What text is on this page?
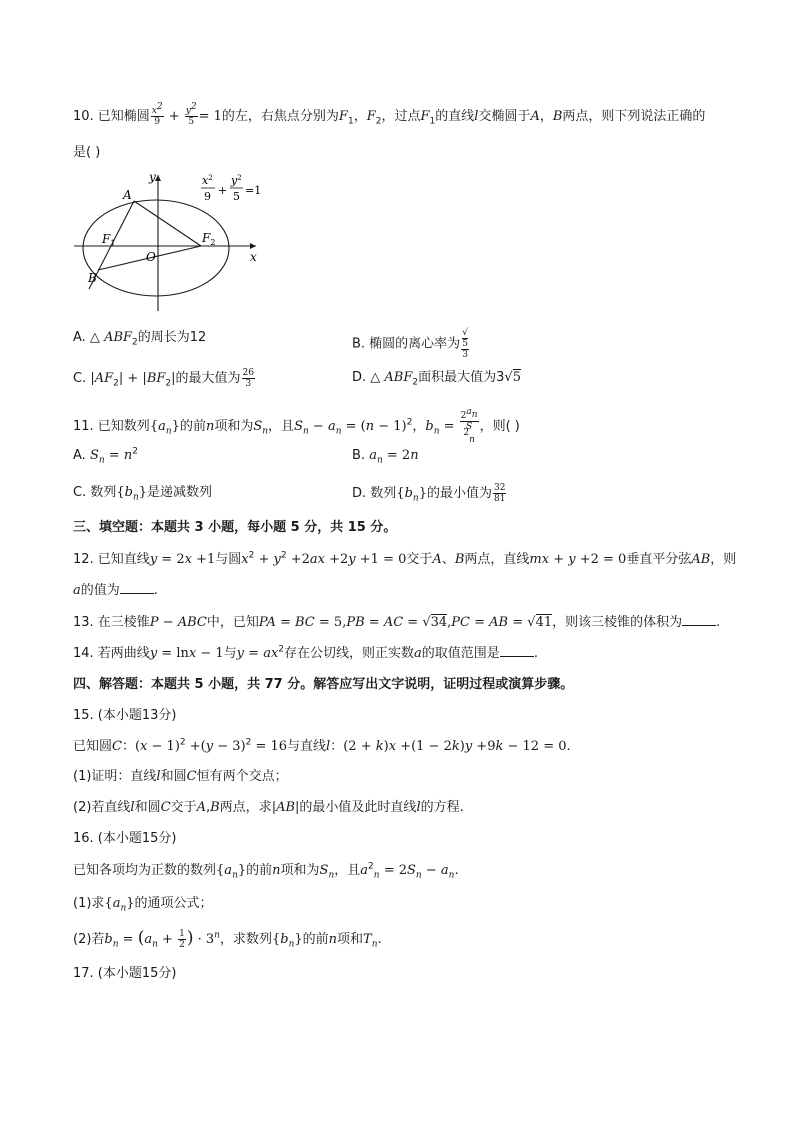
10. 已知椭圆 $\frac{x^2}{9} + \frac{y^2}{5} = 1$的左，右焦点分别为$F_1$，$F_2$，过点$F_1$的直线l交椭圆于A，B两点，则下列说法正确的
是( )
y
x
A
B
O
$F_1$	$F_2$
$x^2$
9 +
$y^2$
5 =1
A. △ $ABF_2$的周长为12	B. 椭圆的离心率为 √
5
3
C. $|AF_2| + |BF_2|$的最大值为 $\frac{26}{3}$	D. △ $ABF_2$面积最大值为3√5
11. 已知数列$\{a_n\}$的前n项和为$S_n$，且$S_n - a_n = (n - 1)^2$，$b_n = 2^{a_n}$
S
$^2_n$ ，则( )
A. $S_n = n^2$	B. $a_n = 2n$
C. 数列$\{b_n\}$是递减数列	D. 数列$\{b_n\}$的最小值为 $\frac{32}{81}$
三、填空题：本题共 3 小题，每小题 5 分，共 15 分。
12. 已知直线y = 2x +1与圆$x^2 + y^2 +2ax +2y +1 = 0$交于A、B两点，直线mx + y +2 = 0垂直平分弦AB，则
a的值为	.
13. 在三棱锥P − ABC中，已知PA = BC = 5,PB = AC = √34,PC = AB = √41，则该三棱锥的体积为	.
14. 若两曲线y = lnx − 1与$y = ax^2$存在公切线，则正实数a的取值范围是	.
四、解答题：本题共 5 小题，共 77 分。解答应写出文字说明，证明过程或演算步骤。
15. (本小题13分)
已知圆C：$(x - 1)^2 +(y - 3)^2 = 16$与直线l：(2 + k)x +(1 − 2k)y +9k − 12 = 0.
(1)证明：直线l和圆C恒有两个交点；
(2)若直线l和圆C交于A,B两点，求|AB|的最小值及此时直线l的方程.
16. (本小题15分)
已知各项均为正数的数列$\{a_n\}$的前n项和为$S_n$，且$a^2_n = 2S_n - a_n$.
(1)求$\{a_n\}$的通项公式；
(2)若$b_n = (a_n + \frac{1}{2}$ ) · $3^n$，求数列$\{b_n\}$的前n项和$T_n$.
17. (本小题15分)
